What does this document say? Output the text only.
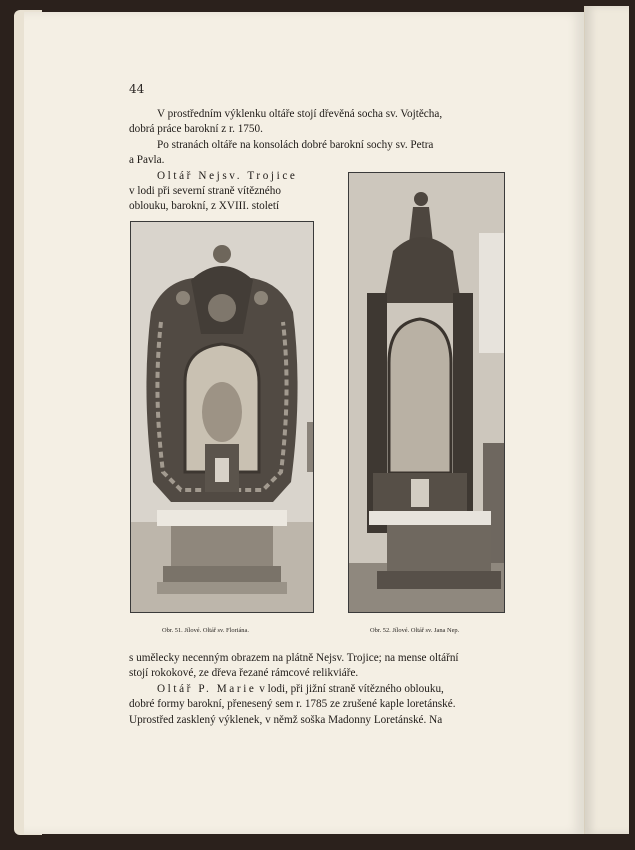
44
V prostředním výklenku oltáře stojí dřevěná socha sv. Vojtěcha,
dobrá práce barokní z r. 1750.
Po stranách oltáře na konsolách dobré barokní sochy sv. Petra
a Pavla.
Oltář Nejsv. Trojice
v lodi při severní straně vítězného
oblouku, barokní, z XVIII. století
Obr. 51. Jílové. Oltář sv. Floriána.	Obr. 52. Jílové. Oltář sv. Jana Nep.
s umělecky necenným obrazem na plátně Nejsv. Trojice; na mense oltářní
stojí rokokové, ze dřeva řezané rámcové relikviáře.
Oltář P. Marie v lodi, při jižní straně vítězného oblouku,
dobré formy barokní, přenesený sem r. 1785 ze zrušené kaple loretánské.
Uprostřed zasklený výklenek, v němž soška Madonny Loretánské. Na
